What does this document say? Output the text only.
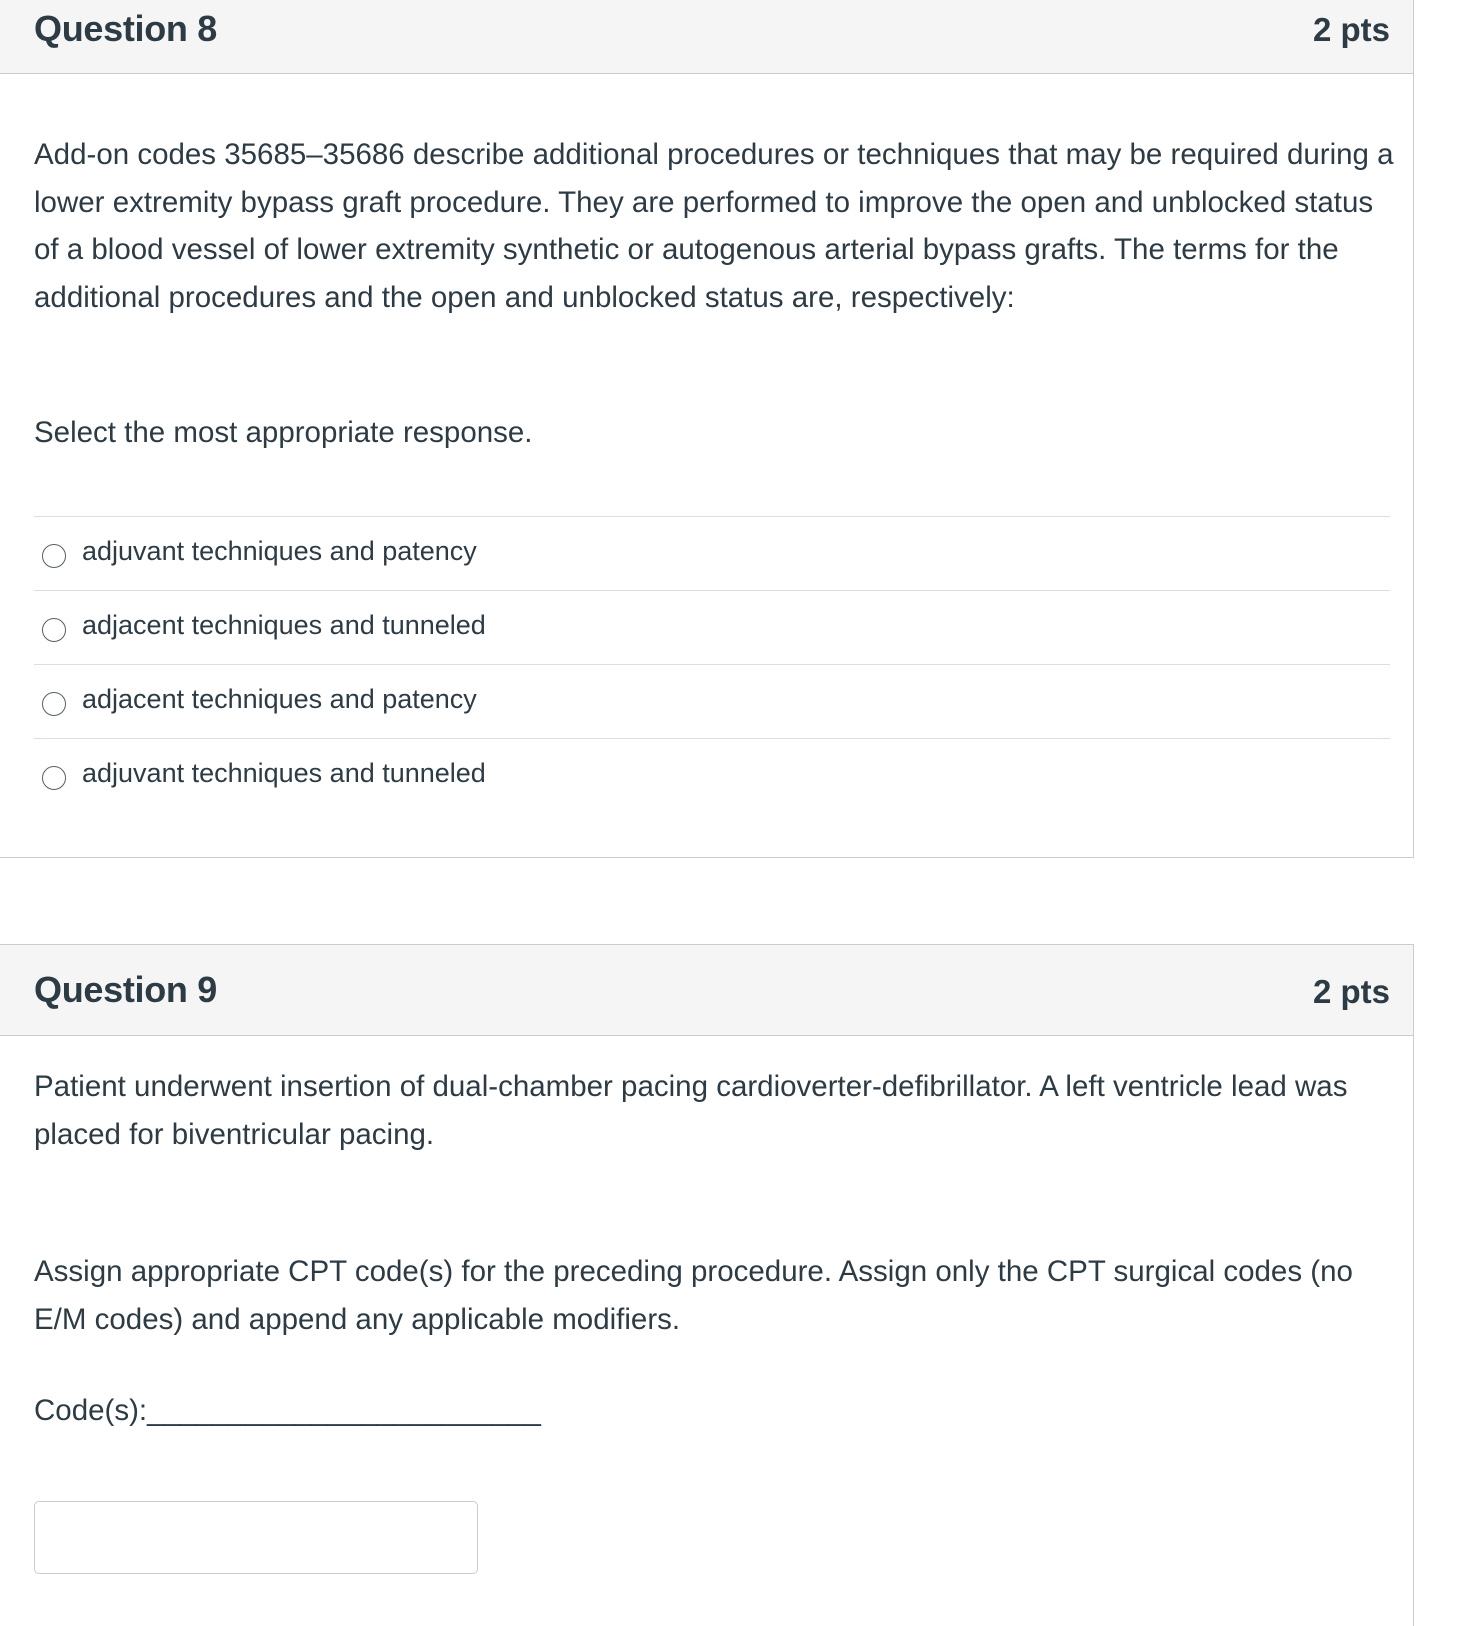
Question 8	2 pts

Add-on codes 35685–35686 describe additional procedures or techniques that may be required during a lower extremity bypass graft procedure. They are performed to improve the open and unblocked status of a blood vessel of lower extremity synthetic or autogenous arterial bypass grafts. The terms for the additional procedures and the open and unblocked status are, respectively:

Select the most appropriate response.

adjuvant techniques and patency
adjacent techniques and tunneled
adjacent techniques and patency
adjuvant techniques and tunneled
Question 9	2 pts

Patient underwent insertion of dual-chamber pacing cardioverter-defibrillator. A left ventricle lead was placed for biventricular pacing.

Assign appropriate CPT code(s) for the preceding procedure. Assign only the CPT surgical codes (no E/M codes) and append any applicable modifiers.

Code(s):________________________
